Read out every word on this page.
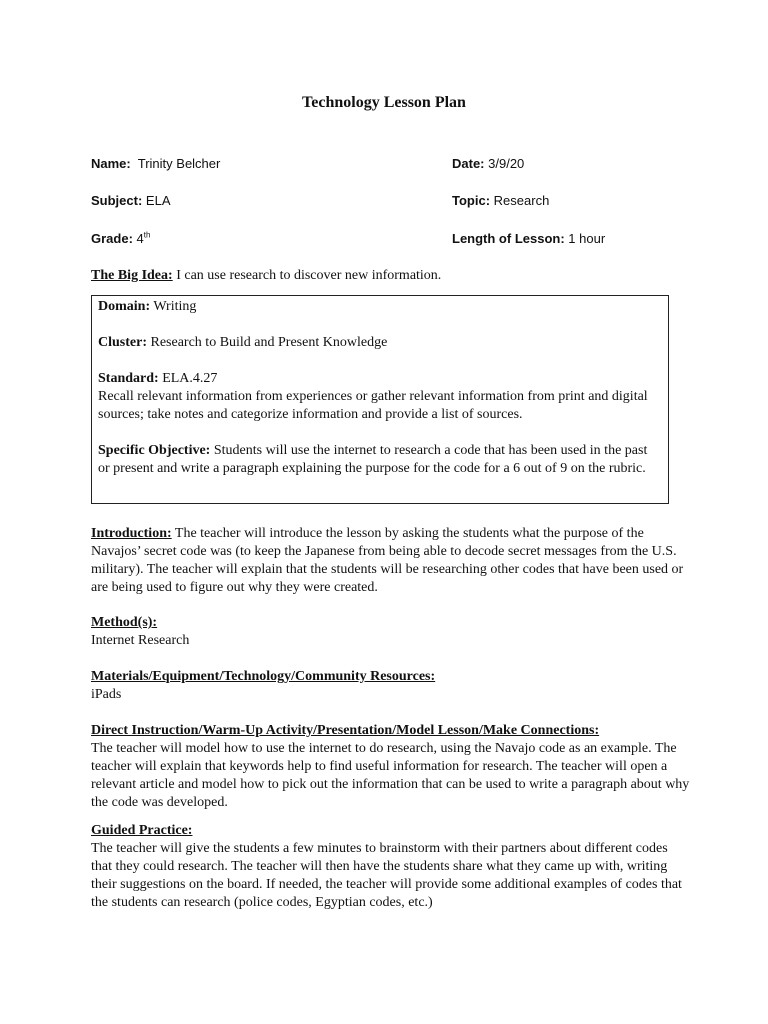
Technology Lesson Plan
Name: Trinity Belcher	Date: 3/9/20
Subject: ELA	Topic: Research
Grade: 4th	Length of Lesson: 1 hour
The Big Idea: I can use research to discover new information.

Domain: Writing

Cluster: Research to Build and Present Knowledge

Standard: ELA.4.27

Recall relevant information from experiences or gather relevant information from print and digital sources; take notes and categorize information and provide a list of sources.

Specific Objective: Students will use the internet to research a code that has been used in the past or present and write a paragraph explaining the purpose for the code for a 6 out of 9 on the rubric.

Introduction: The teacher will introduce the lesson by asking the students what the purpose of the Navajos’ secret code was (to keep the Japanese from being able to decode secret messages from the U.S. military). The teacher will explain that the students will be researching other codes that have been used or are being used to figure out why they were created.

Method(s):

Internet Research

Materials/Equipment/Technology/Community Resources:

iPads

Direct Instruction/Warm-Up Activity/Presentation/Model Lesson/Make Connections:

The teacher will model how to use the internet to do research, using the Navajo code as an example. The teacher will explain that keywords help to find useful information for research. The teacher will open a relevant article and model how to pick out the information that can be used to write a paragraph about why the code was developed.

Guided Practice:

The teacher will give the students a few minutes to brainstorm with their partners about different codes that they could research. The teacher will then have the students share what they came up with, writing their suggestions on the board. If needed, the teacher will provide some additional examples of codes that the students can research (police codes, Egyptian codes, etc.)
